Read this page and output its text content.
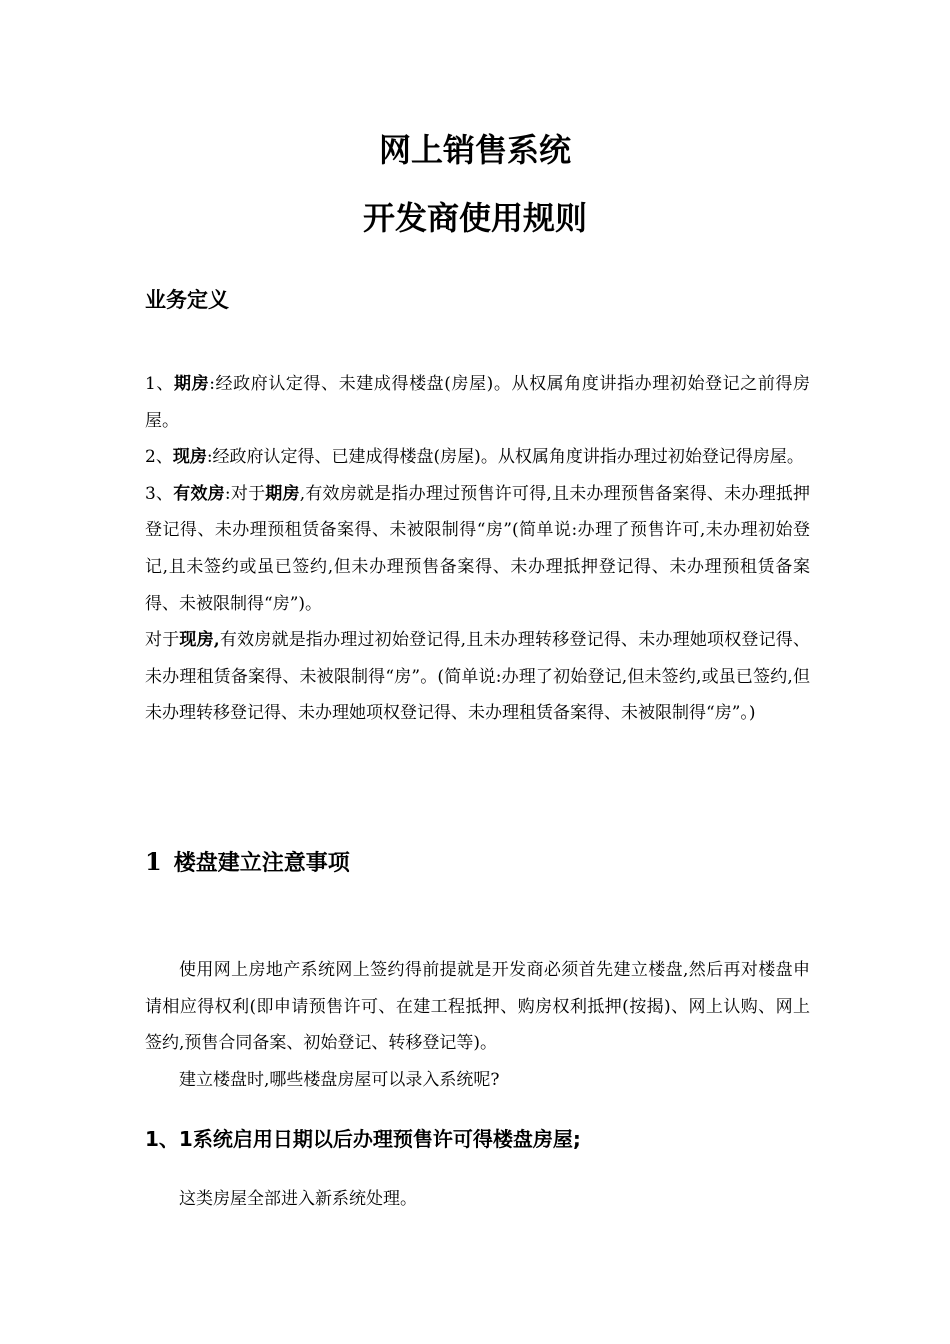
网上销售系统
开发商使用规则
业务定义

1、期房:经政府认定得、未建成得楼盘(房屋)。从权属角度讲指办理初始登记之前得房屋。

2、现房:经政府认定得、已建成得楼盘(房屋)。从权属角度讲指办理过初始登记得房屋。

3、有效房:对于期房,有效房就是指办理过预售许可得,且未办理预售备案得、未办理抵押登记得、未办理预租赁备案得、未被限制得“房”(简单说:办理了预售许可,未办理初始登记,且未签约或虽已签约,但未办理预售备案得、未办理抵押登记得、未办理预租赁备案得、未被限制得“房”)。

对于现房,有效房就是指办理过初始登记得,且未办理转移登记得、未办理她项权登记得、未办理租赁备案得、未被限制得“房”。(简单说:办理了初始登记,但未签约,或虽已签约,但未办理转移登记得、未办理她项权登记得、未办理租赁备案得、未被限制得“房”。)

1 楼盘建立注意事项

使用网上房地产系统网上签约得前提就是开发商必须首先建立楼盘,然后再对楼盘申请相应得权利(即申请预售许可、在建工程抵押、购房权利抵押(按揭)、网上认购、网上签约,预售合同备案、初始登记、转移登记等)。

建立楼盘时,哪些楼盘房屋可以录入系统呢?

1、1系统启用日期以后办理预售许可得楼盘房屋;

这类房屋全部进入新系统处理。
